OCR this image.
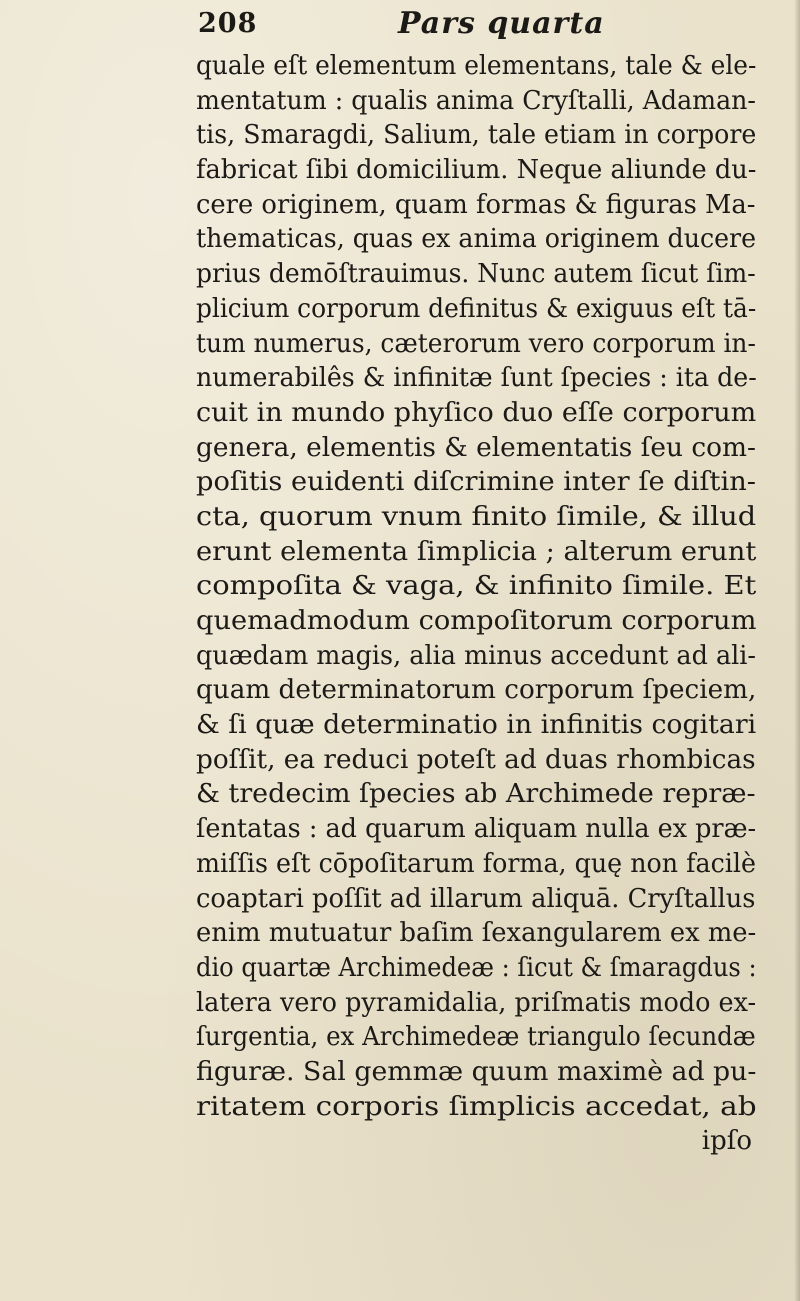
208	Pars quarta
quale eſt elementum elementans, tale & ele-
mentatum : qualis anima Cryſtalli, Adaman-
tis, Smaragdi, Salium, tale etiam in corpore
fabricat ſibi domicilium. Neque aliunde du-
cere originem, quam formas & figuras Ma-
thematicas, quas ex anima originem ducere
prius demōſtrauimus. Nunc autem ſicut ſim-
plicium corporum definitus & exiguus eſt tā-
tum numerus, cæterorum vero corporum in-
numerabilês & infinitæ ſunt ſpecies : ita de-
cuit in mundo phyſico duo eſſe corporum
genera, elementis & elementatis ſeu com-
poſitis euidenti diſcrimine inter ſe diſtin-
cta, quorum vnum finito ſimile, & illud
erunt elementa ſimplicia ; alterum erunt
compoſita & vaga, & infinito ſimile. Et
quemadmodum compoſitorum corporum
quædam magis, alia minus accedunt ad ali-
quam determinatorum corporum ſpeciem,
& ſi quæ determinatio in infinitis cogitari
poſſit, ea reduci poteſt ad duas rhombicas
& tredecim ſpecies ab Archimede repræ-
ſentatas : ad quarum aliquam nulla ex præ-
miſſis eſt cōpoſitarum forma, quę non facilè
coaptari poſſit ad illarum aliquā. Cryſtallus
enim mutuatur baſim ſexangularem ex me-
dio quartæ Archimedeæ : ſicut & ſmaragdus :
latera vero pyramidalia, priſmatis modo ex-
ſurgentia, ex Archimedeæ triangulo ſecundæ
figuræ. Sal gemmæ quum maximè ad pu-
ritatem corporis ſimplicis accedat, ab
ipſo
